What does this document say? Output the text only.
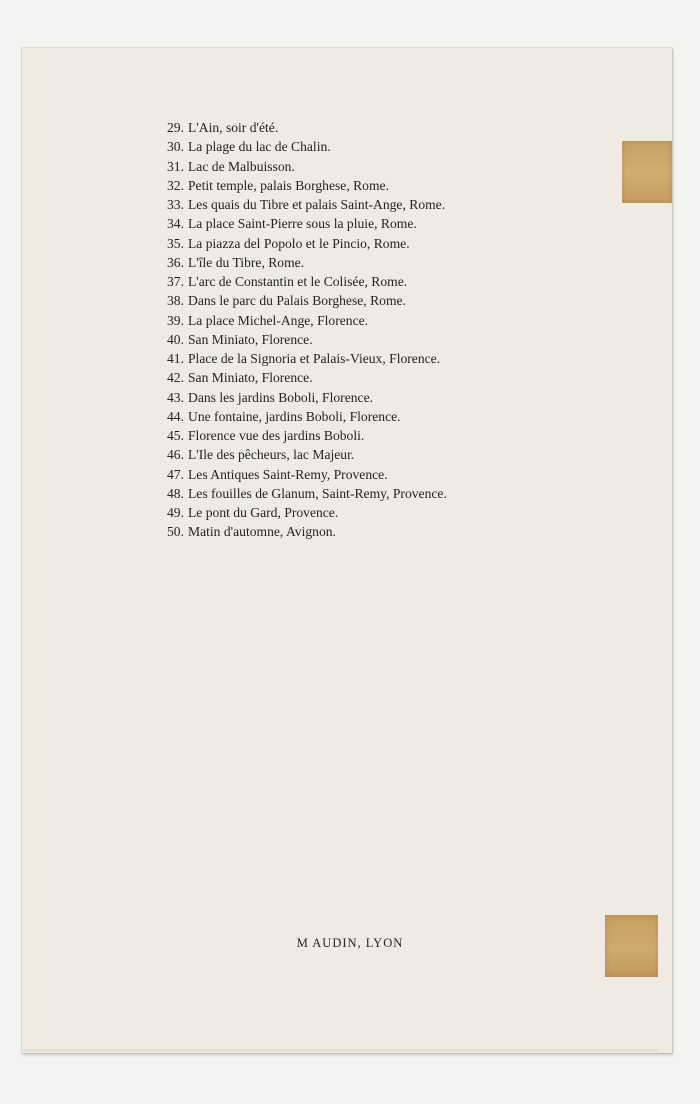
29. L'Ain, soir d'été.
30. La plage du lac de Chalin.
31. Lac de Malbuisson.
32. Petit temple, palais Borghese, Rome.
33. Les quais du Tibre et palais Saint-Ange, Rome.
34. La place Saint-Pierre sous la pluie, Rome.
35. La piazza del Popolo et le Pincio, Rome.
36. L'île du Tibre, Rome.
37. L'arc de Constantin et le Colisée, Rome.
38. Dans le parc du Palais Borghese, Rome.
39. La place Michel-Ange, Florence.
40. San Miniato, Florence.
41. Place de la Signoria et Palais-Vieux, Florence.
42. San Miniato, Florence.
43. Dans les jardins Boboli, Florence.
44. Une fontaine, jardins Boboli, Florence.
45. Florence vue des jardins Boboli.
46. L'Ile des pêcheurs, lac Majeur.
47. Les Antiques Saint-Remy, Provence.
48. Les fouilles de Glanum, Saint-Remy, Provence.
49. Le pont du Gard, Provence.
50. Matin d'automne, Avignon.
M AUDIN, LYON
